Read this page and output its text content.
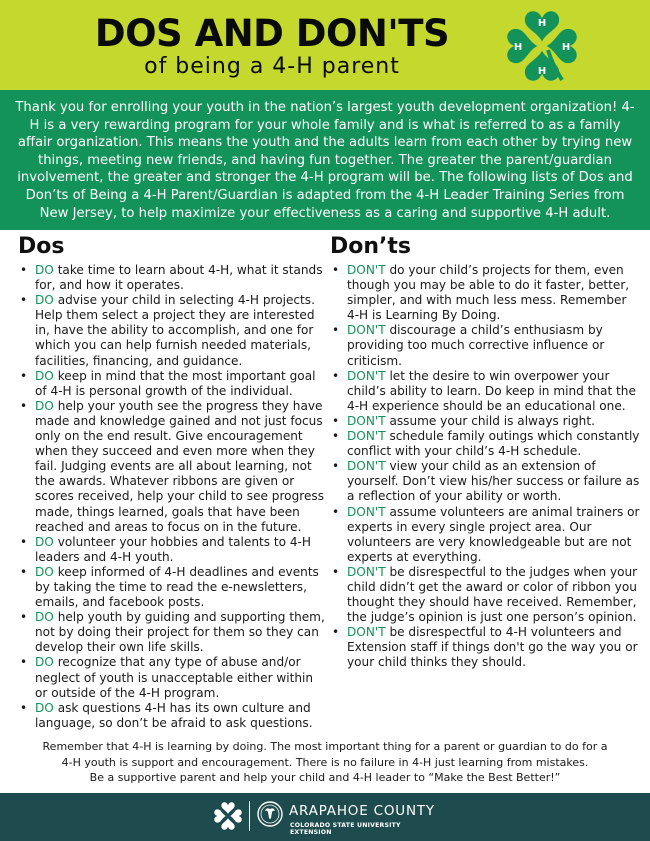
DOS AND DON'TS
of being a 4-H parent
H
H
H	H

Thank you for enrolling your youth in the nation’s largest youth development organization! 4-H is a very rewarding program for your whole family and is what is referred to as a family affair organization. This means the youth and the adults learn from each other by trying new things, meeting new friends, and having fun together. The greater the parent/guardian involvement, the greater and stronger the 4-H program will be. The following lists of Dos and Don’ts of Being a 4-H Parent/Guardian is adapted from the 4-H Leader Training Series from New Jersey, to help maximize your effectiveness as a caring and supportive 4-H adult.

Dos
• DO take time to learn about 4-H, what it stands for, and how it operates.
• DO advise your child in selecting 4-H projects. Help them select a project they are interested in, have the ability to accomplish, and one for which you can help furnish needed materials, facilities, financing, and guidance.
• DO keep in mind that the most important goal of 4-H is personal growth of the individual.
• DO help your youth see the progress they have made and knowledge gained and not just focus only on the end result. Give encouragement when they succeed and even more when they fail. Judging events are all about learning, not the awards. Whatever ribbons are given or scores received, help your child to see progress made, things learned, goals that have been reached and areas to focus on in the future.
• DO volunteer your hobbies and talents to 4-H leaders and 4-H youth.
• DO keep informed of 4-H deadlines and events by taking the time to read the e-newsletters, emails, and facebook posts.
• DO help youth by guiding and supporting them, not by doing their project for them so they can develop their own life skills.
• DO recognize that any type of abuse and/or neglect of youth is unacceptable either within or outside of the 4-H program.
• DO ask questions 4-H has its own culture and language, so don’t be afraid to ask questions.
Don’ts
• DON'T do your child’s projects for them, even though you may be able to do it faster, better, simpler, and with much less mess. Remember 4-H is Learning By Doing.
• DON'T discourage a child’s enthusiasm by providing too much corrective influence or criticism.
• DON'T let the desire to win overpower your child’s ability to learn. Do keep in mind that the 4-H experience should be an educational one.
• DON'T assume your child is always right.
• DON'T schedule family outings which constantly conflict with your child’s 4-H schedule.
• DON'T view your child as an extension of yourself. Don’t view his/her success or failure as a reflection of your ability or worth.
• DON'T assume volunteers are animal trainers or experts in every single project area. Our volunteers are very knowledgeable but are not experts at everything.
• DON'T be disrespectful to the judges when your child didn’t get the award or color of ribbon you thought they should have received. Remember, the judge’s opinion is just one person’s opinion.
• DON'T be disrespectful to 4-H volunteers and Extension staff if things don't go the way you or your child thinks they should.
Remember that 4-H is learning by doing. The most important thing for a parent or guardian to do for a
4-H youth is support and encouragement. There is no failure in 4-H just learning from mistakes.
Be a supportive parent and help your child and 4-H leader to “Make the Best Better!”
ARAPAHOE COUNTY
COLORADO STATE UNIVERSITY
EXTENSION
